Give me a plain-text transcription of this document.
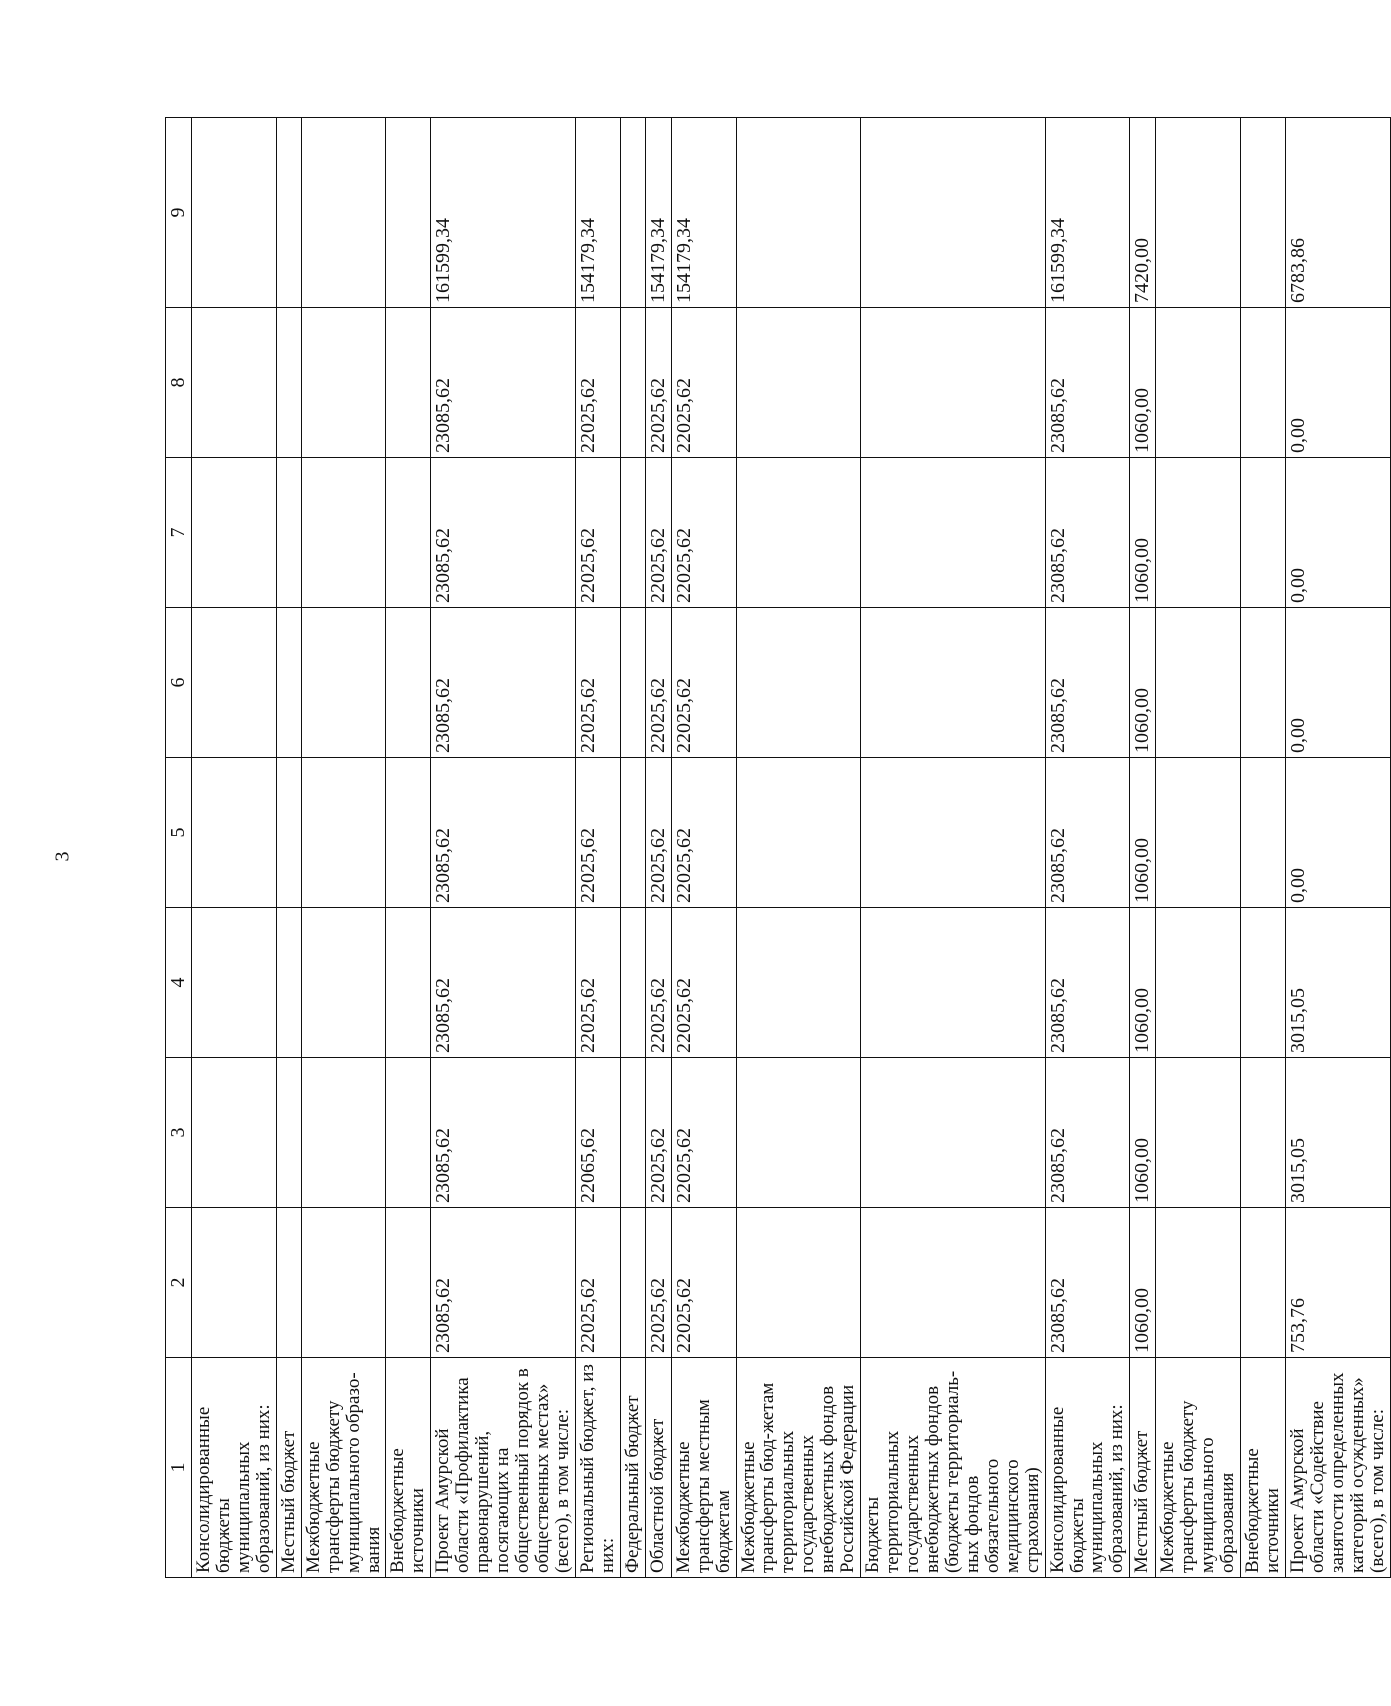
3
1	2	3	4	5	6	7	8	9
Консолидированные бюджеты муниципальных образований, из них:								
Местный бюджет								
Межбюджетные трансферты бюджету муниципального образо-вания								
Внебюджетные источники								
Проект Амурской области «Профилактика правонарушений, посягающих на общественный порядок в общественных местах» (всего), в том числе:	23085,62	23085,62	23085,62	23085,62	23085,62	23085,62	23085,62	161599,34
Региональный бюджет, из них:	22025,62	22065,62	22025,62	22025,62	22025,62	22025,62	22025,62	154179,34
Федеральный бюджет								
Областной бюджет	22025,62	22025,62	22025,62	22025,62	22025,62	22025,62	22025,62	154179,34
Межбюджетные трансферты местным бюджетам	22025,62	22025,62	22025,62	22025,62	22025,62	22025,62	22025,62	154179,34
Межбюджетные трансферты бюд-жетам территориальных государственных внебюджетных фондов Российской Федерации								
Бюджеты территориальных государственных внебюджетных фондов (бюджеты территориаль-ных фондов обязательного медицинского страхования)								
Консолидированные бюджеты муниципальных образований, из них:	23085,62	23085,62	23085,62	23085,62	23085,62	23085,62	23085,62	161599,34
Местный бюджет	1060,00	1060,00	1060,00	1060,00	1060,00	1060,00	1060,00	7420,00
Межбюджетные трансферты бюджету муниципального образования								
Внебюджетные источники								
Проект Амурской области «Содействие занятости определенных категорий осужденных» (всего), в том числе:	753,76	3015,05	3015,05	0,00	0,00	0,00	0,00	6783,86
